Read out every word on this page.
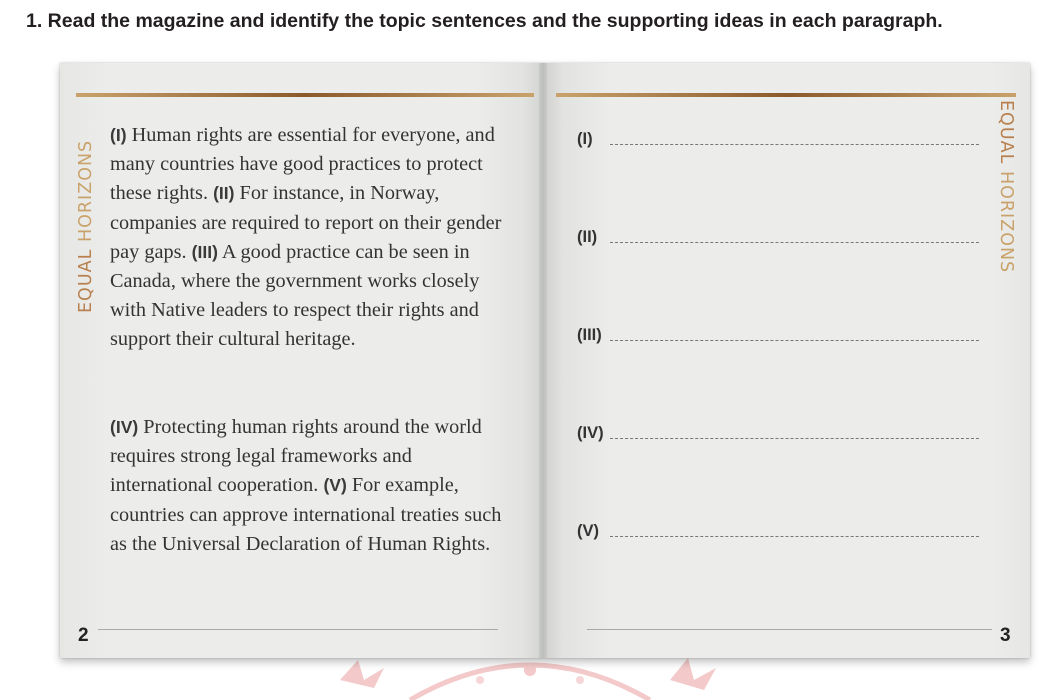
1. Read the magazine and identify the topic sentences and the supporting ideas in each paragraph.
EQUAL HORIZONS
EQUAL HORIZONS
(I) Human rights are essential for everyone, and many countries have good practices to protect these rights. (II) For instance, in Norway, companies are required to report on their gender pay gaps. (III) A good practice can be seen in Canada, where the government works closely with Native leaders to respect their rights and support their cultural heritage.
(IV) Protecting human rights around the world requires strong legal frameworks and international cooperation. (V) For example, countries can approve international treaties such as the Universal Declaration of Human Rights.
(I)
(II)
(III)
(IV)
(V)
2	3
